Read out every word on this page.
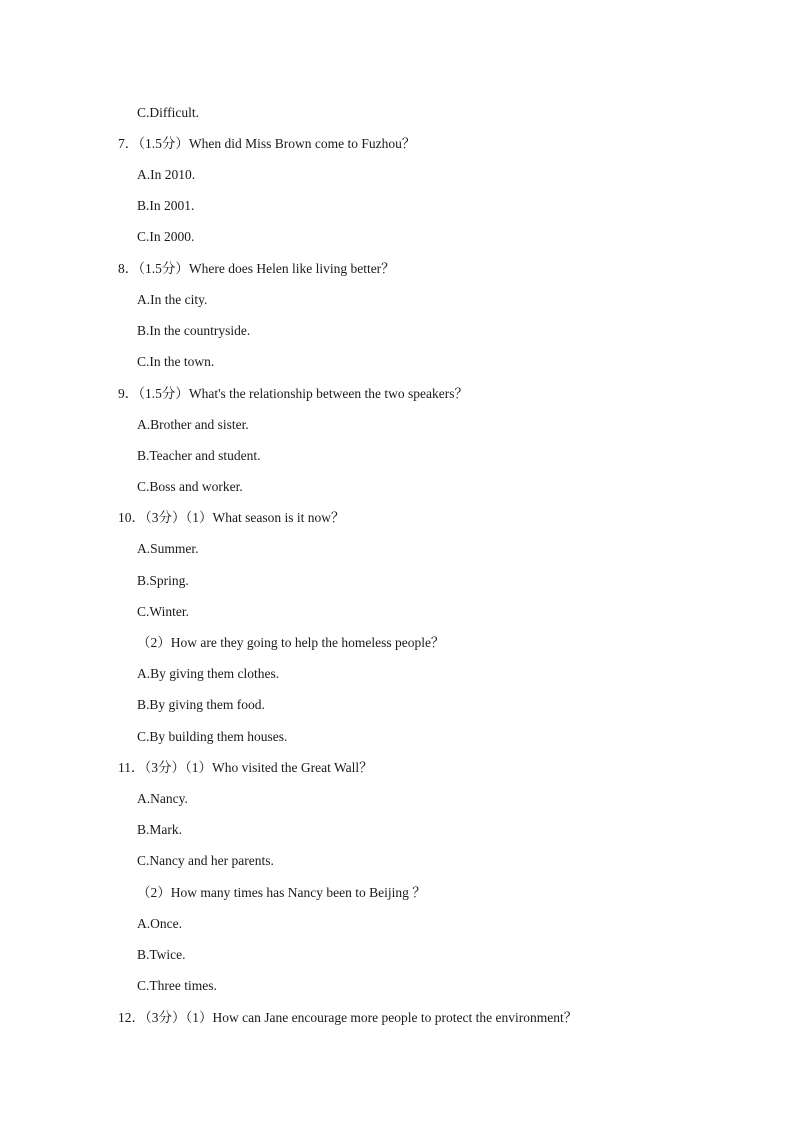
C.Difficult.
7．（1.5分）When did Miss Brown come to Fuzhou？
A.In 2010.
B.In 2001.
C.In 2000.
8．（1.5分）Where does Helen like living better？
A.In the city.
B.In the countryside.
C.In the town.
9．（1.5分）What's the relationship between the two speakers？
A.Brother and sister.
B.Teacher and student.
C.Boss and worker.
10．（3分）（1）What season is it now？
A.Summer.
B.Spring.
C.Winter.
（2）How are they going to help the homeless people？
A.By giving them clothes.
B.By giving them food.
C.By building them houses.
11．（3分）（1）Who visited the Great Wall？
A.Nancy.
B.Mark.
C.Nancy and her parents.
（2）How many times has Nancy been to Beijing ？
A.Once.
B.Twice.
C.Three times.
12．（3分）（1）How can Jane encourage more people to protect the environment？
